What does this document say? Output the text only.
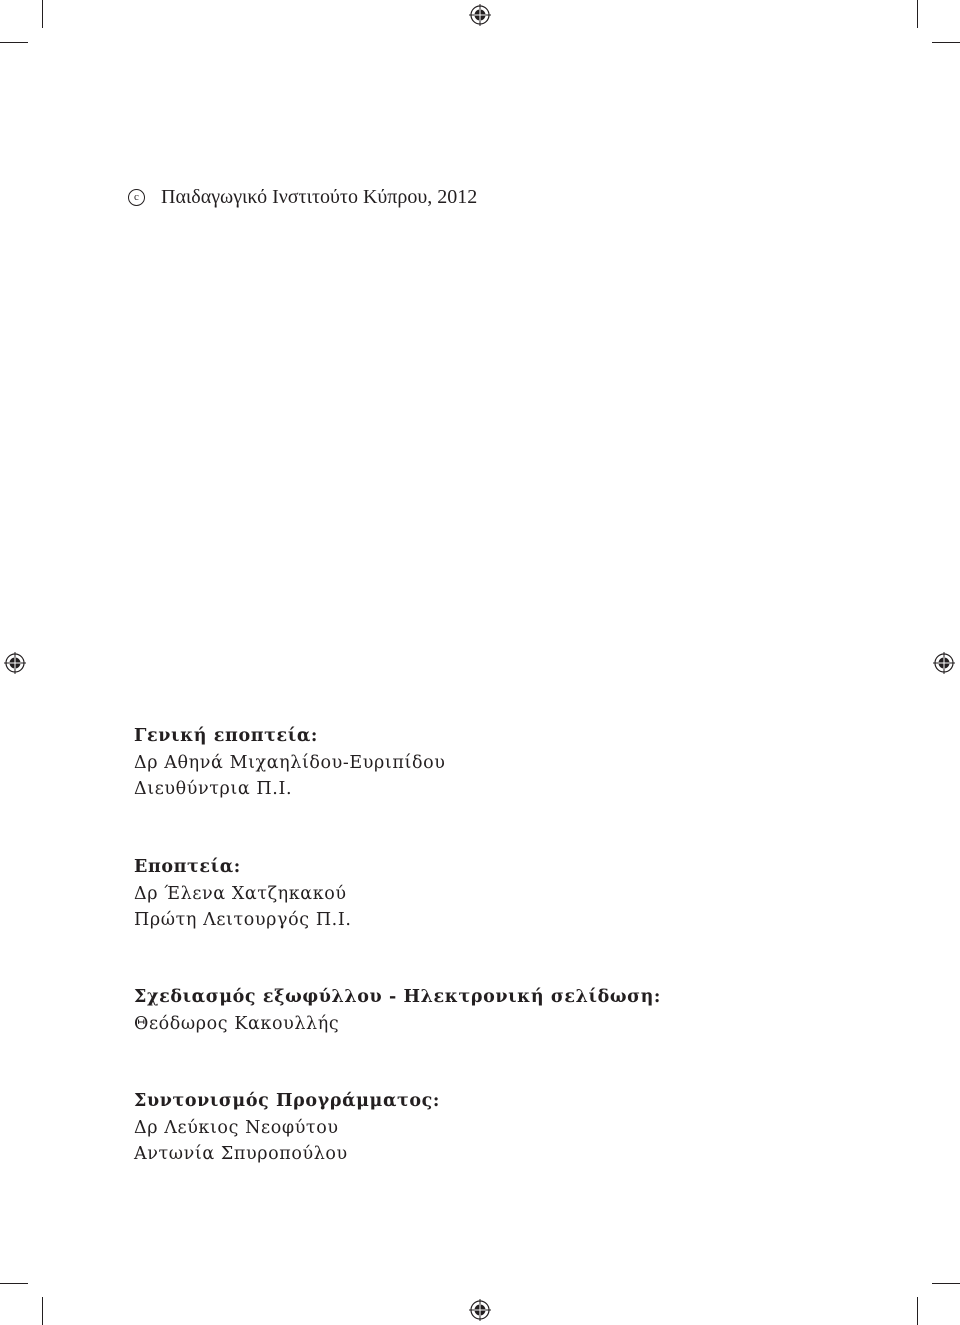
c	Παιδαγωγικό Ινστιτούτο Κύπρου, 2012
Γενική εποπτεία:
Δρ Αθηνά Μιχαηλίδου-Ευριπίδου
Διευθύντρια Π.Ι.
Εποπτεία:
Δρ Έλενα Χατζηκακού
Πρώτη Λειτουργός Π.Ι.
Σχεδιασμός εξωφύλλου - Ηλεκτρονική σελίδωση:
Θεόδωρος Κακουλλής
Συντονισμός Προγράμματος:
Δρ Λεύκιος Νεοφύτου
Αντωνία Σπυροπούλου
